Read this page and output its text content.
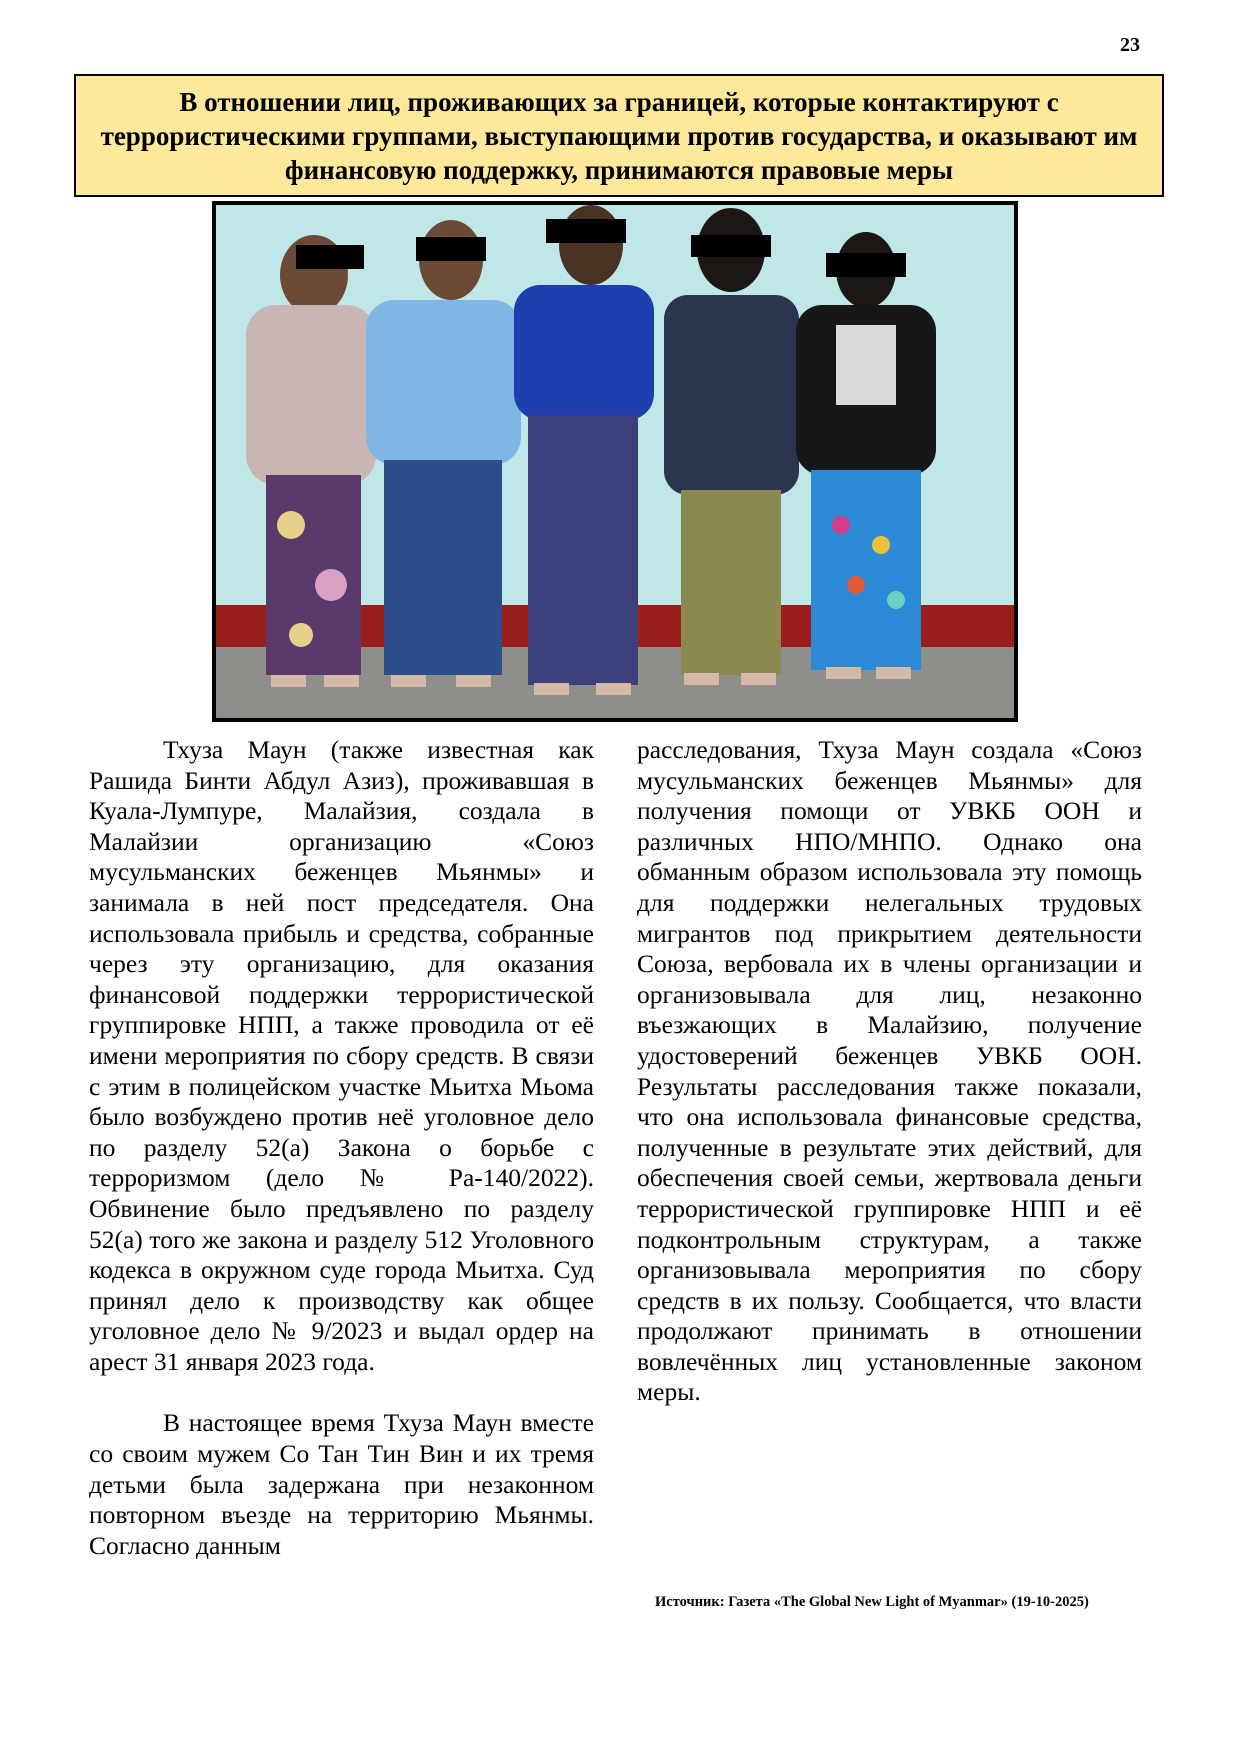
23
В отношении лиц, проживающих за границей, которые контактируют с террористическими группами, выступающими против государства, и оказывают им финансовую поддержку, принимаются правовые меры

Тхуза Маун (также известная как Рашида Бинти Абдул Азиз), проживавшая в Куала-Лумпуре, Малайзия, создала в Малайзии организацию «Союз мусульманских беженцев Мьянмы» и занимала в ней пост председателя. Она использовала прибыль и средства, собранные через эту организацию, для оказания финансовой поддержки террористической группировке НПП, а также проводила от её имени мероприятия по сбору средств. В связи с этим в полицейском участке Мьитха Мьома было возбуждено против неё уголовное дело по разделу 52(а) Закона о борьбе с терроризмом (дело № Ра-140/2022). Обвинение было предъявлено по разделу 52(а) того же закона и разделу 512 Уголовного кодекса в окружном суде города Мьитха. Суд принял дело к производству как общее уголовное дело № 9/2023 и выдал ордер на арест 31 января 2023 года.

В настоящее время Тхуза Маун вместе со своим мужем Со Тан Тин Вин и их тремя детьми была задержана при незаконном повторном въезде на территорию Мьянмы. Согласно данным

расследования, Тхуза Маун создала «Союз мусульманских беженцев Мьянмы» для получения помощи от УВКБ ООН и различных НПО/МНПО. Однако она обманным образом использовала эту помощь для поддержки нелегальных трудовых мигрантов под прикрытием деятельности Союза, вербовала их в члены организации и организовывала для лиц, незаконно въезжающих в Малайзию, получение удостоверений беженцев УВКБ ООН. Результаты расследования также показали, что она использовала финансовые средства, полученные в результате этих действий, для обеспечения своей семьи, жертвовала деньги террористической группировке НПП и её подконтрольным структурам, а также организовывала мероприятия по сбору средств в их пользу. Сообщается, что власти продолжают принимать в отношении вовлечённых лиц установленные законом меры.

Источник: Газета «The Global New Light of Myanmar» (19-10-2025)
